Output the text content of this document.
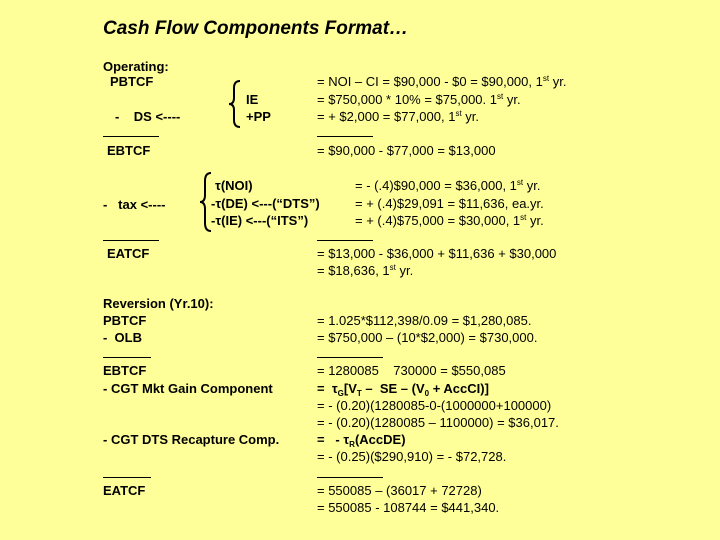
Cash Flow Components Format…
Operating:
PBTCF	= NOI – CI = $90,000 - $0 = $90,000, 1st yr.
IE	= $750,000 * 10% = $75,000. 1st yr.
-    DS <----	+PP	= + $2,000 = $77,000, 1st yr.
EBTCF	= $90,000 - $77,000 = $13,000
-   tax <----
τ(NOI)	= - (.4)$90,000 = $36,000, 1st yr.
-τ(DE) <---(“DTS”)	= + (.4)$29,091 = $11,636, ea.yr.
-τ(IE) <---(“ITS”)	= + (.4)$75,000 = $30,000, 1st yr.
EATCF	= $13,000 - $36,000 + $11,636 + $30,000
= $18,636, 1st yr.
Reversion (Yr.10):
PBTCF	= 1.025*$112,398/0.09 = $1,280,085.
-  OLB	= $750,000 – (10*$2,000) = $730,000.
EBTCF	= 1280085    730000 = $550,085
- CGT Mkt Gain Component	=  $\tau_G[V_T$ –  SE – ($V_0$ + AccCI)]
= - (0.20)(1280085-0-(1000000+100000)
= - (0.20)(1280085 – 1100000) = $36,017.
- CGT DTS Recapture Comp.	=   - $\tau_R(AccDE)$
= - (0.25)($290,910) = - $72,728.
EATCF	= 550085 – (36017 + 72728)
= 550085 - 108744 = $441,340.
